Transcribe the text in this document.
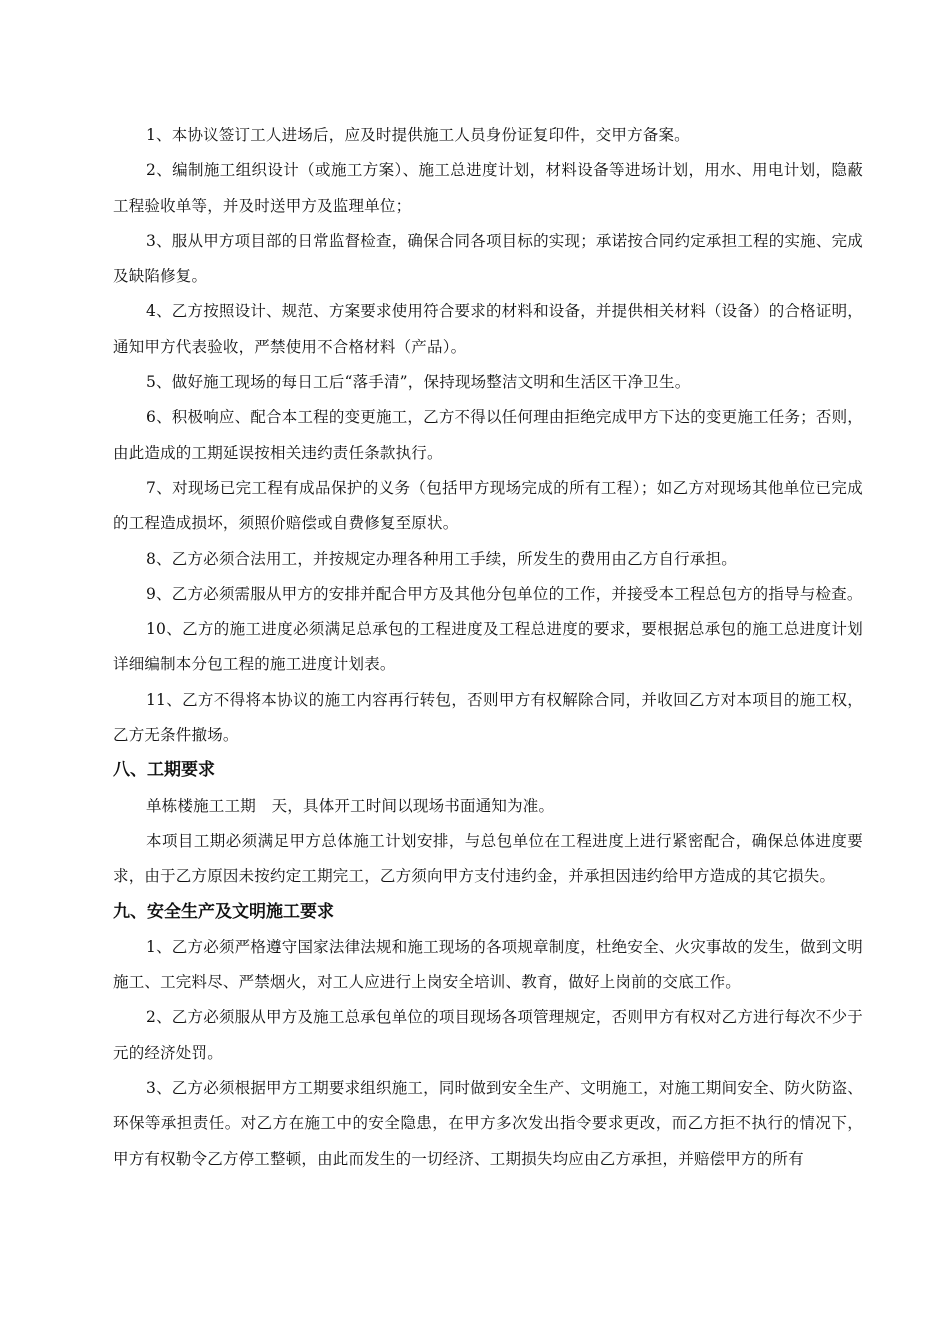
1、本协议签订工人进场后，应及时提供施工人员身份证复印件，交甲方备案。

2、编制施工组织设计（或施工方案）、施工总进度计划，材料设备等进场计划，用水、用电计划，隐蔽工程验收单等，并及时送甲方及监理单位；

3、服从甲方项目部的日常监督检查，确保合同各项目标的实现；承诺按合同约定承担工程的实施、完成及缺陷修复。

4、乙方按照设计、规范、方案要求使用符合要求的材料和设备，并提供相关材料（设备）的合格证明，通知甲方代表验收，严禁使用不合格材料（产品）。

5、做好施工现场的每日工后“落手清”，保持现场整洁文明和生活区干净卫生。

6、积极响应、配合本工程的变更施工，乙方不得以任何理由拒绝完成甲方下达的变更施工任务；否则，由此造成的工期延误按相关违约责任条款执行。

7、对现场已完工程有成品保护的义务（包括甲方现场完成的所有工程）；如乙方对现场其他单位已完成的工程造成损坏，须照价赔偿或自费修复至原状。

8、乙方必须合法用工，并按规定办理各种用工手续，所发生的费用由乙方自行承担。

9、乙方必须需服从甲方的安排并配合甲方及其他分包单位的工作，并接受本工程总包方的指导与检查。

10、乙方的施工进度必须满足总承包的工程进度及工程总进度的要求，要根据总承包的施工总进度计划详细编制本分包工程的施工进度计划表。

11、乙方不得将本协议的施工内容再行转包，否则甲方有权解除合同，并收回乙方对本项目的施工权，乙方无条件撤场。

八、工期要求

单栋楼施工工期　天，具体开工时间以现场书面通知为准。

本项目工期必须满足甲方总体施工计划安排，与总包单位在工程进度上进行紧密配合，确保总体进度要求，由于乙方原因未按约定工期完工，乙方须向甲方支付违约金，并承担因违约给甲方造成的其它损失。

九、安全生产及文明施工要求

1、乙方必须严格遵守国家法律法规和施工现场的各项规章制度，杜绝安全、火灾事故的发生，做到文明施工、工完料尽、严禁烟火，对工人应进行上岗安全培训、教育，做好上岗前的交底工作。

2、乙方必须服从甲方及施工总承包单位的项目现场各项管理规定，否则甲方有权对乙方进行每次不少于　　元的经济处罚。

3、乙方必须根据甲方工期要求组织施工，同时做到安全生产、文明施工，对施工期间安全、防火防盗、环保等承担责任。对乙方在施工中的安全隐患，在甲方多次发出指令要求更改，而乙方拒不执行的情况下，甲方有权勒令乙方停工整顿，由此而发生的一切经济、工期损失均应由乙方承担，并赔偿甲方的所有
